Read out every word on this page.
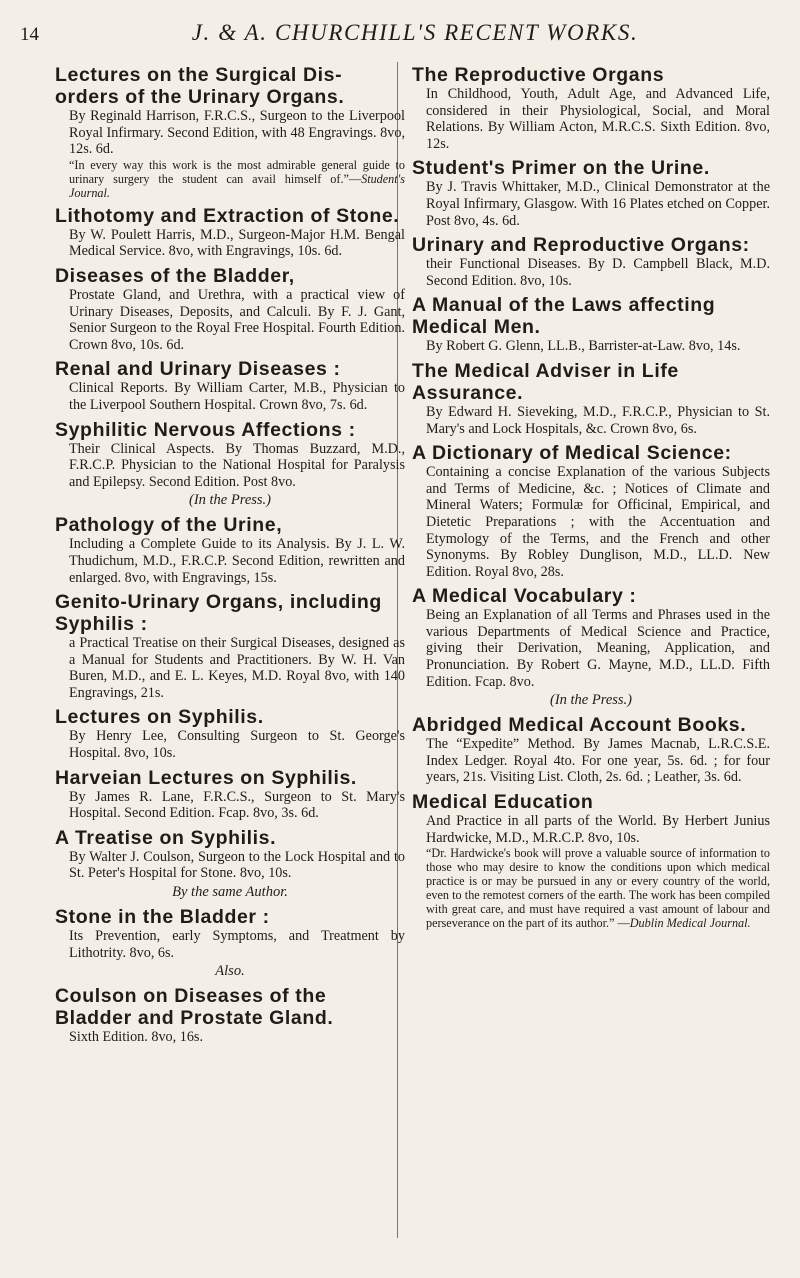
14	J. & A. CHURCHILL'S RECENT WORKS.

Lectures on the Surgical Dis-orders of the Urinary Organs.

By Reginald Harrison, F.R.C.S., Surgeon to the Liverpool Royal Infirmary. Second Edition, with 48 Engravings. 8vo, 12s. 6d.

“In every way this work is the most admirable general guide to urinary surgery the student can avail himself of.”—Student's Journal.

Lithotomy and Extraction of Stone.

By W. Poulett Harris, M.D., Surgeon-Major H.M. Bengal Medical Service. 8vo, with Engravings, 10s. 6d.

Diseases of the Bladder,

Prostate Gland, and Urethra, with a practical view of Urinary Diseases, Deposits, and Calculi. By F. J. Gant, Senior Surgeon to the Royal Free Hospital. Fourth Edition. Crown 8vo, 10s. 6d.

Renal and Urinary Diseases :

Clinical Reports. By William Carter, M.B., Physician to the Liverpool Southern Hospital. Crown 8vo, 7s. 6d.

Syphilitic Nervous Affections :

Their Clinical Aspects. By Thomas Buzzard, M.D., F.R.C.P. Physician to the National Hospital for Paralysis and Epilepsy. Second Edition. Post 8vo.

(In the Press.)

Pathology of the Urine,

Including a Complete Guide to its Analysis. By J. L. W. Thudichum, M.D., F.R.C.P. Second Edition, rewritten and enlarged. 8vo, with Engravings, 15s.

Genito-Urinary Organs, including Syphilis :

a Practical Treatise on their Surgical Diseases, designed as a Manual for Students and Practitioners. By W. H. Van Buren, M.D., and E. L. Keyes, M.D. Royal 8vo, with 140 Engravings, 21s.

Lectures on Syphilis.

By Henry Lee, Consulting Surgeon to St. George's Hospital. 8vo, 10s.

Harveian Lectures on Syphilis.

By James R. Lane, F.R.C.S., Surgeon to St. Mary's Hospital. Second Edition. Fcap. 8vo, 3s. 6d.

A Treatise on Syphilis.

By Walter J. Coulson, Surgeon to the Lock Hospital and to St. Peter's Hospital for Stone. 8vo, 10s.

By the same Author.

Stone in the Bladder :

Its Prevention, early Symptoms, and Treatment by Lithotrity. 8vo, 6s.

Also.

Coulson on Diseases of the Bladder and Prostate Gland.

Sixth Edition. 8vo, 16s.

The Reproductive Organs

In Childhood, Youth, Adult Age, and Advanced Life, considered in their Physiological, Social, and Moral Relations. By William Acton, M.R.C.S. Sixth Edition. 8vo, 12s.

Student's Primer on the Urine.

By J. Travis Whittaker, M.D., Clinical Demonstrator at the Royal Infirmary, Glasgow. With 16 Plates etched on Copper. Post 8vo, 4s. 6d.

Urinary and Reproductive Organs:

their Functional Diseases. By D. Campbell Black, M.D. Second Edition. 8vo, 10s.

A Manual of the Laws affecting Medical Men.

By Robert G. Glenn, LL.B., Barrister-at-Law. 8vo, 14s.

The Medical Adviser in Life Assurance.

By Edward H. Sieveking, M.D., F.R.C.P., Physician to St. Mary's and Lock Hospitals, &c. Crown 8vo, 6s.

A Dictionary of Medical Science:

Containing a concise Explanation of the various Subjects and Terms of Medicine, &c. ; Notices of Climate and Mineral Waters; Formulæ for Officinal, Empirical, and Dietetic Preparations ; with the Accentuation and Etymology of the Terms, and the French and other Synonyms. By Robley Dunglison, M.D., LL.D. New Edition. Royal 8vo, 28s.

A Medical Vocabulary :

Being an Explanation of all Terms and Phrases used in the various Departments of Medical Science and Practice, giving their Derivation, Meaning, Application, and Pronunciation. By Robert G. Mayne, M.D., LL.D. Fifth Edition. Fcap. 8vo.

(In the Press.)

Abridged Medical Account Books.

The “Expedite” Method. By James Macnab, L.R.C.S.E. Index Ledger. Royal 4to. For one year, 5s. 6d. ; for four years, 21s. Visiting List. Cloth, 2s. 6d. ; Leather, 3s. 6d.

Medical Education

And Practice in all parts of the World. By Herbert Junius Hardwicke, M.D., M.R.C.P. 8vo, 10s.

“Dr. Hardwicke's book will prove a valuable source of information to those who may desire to know the conditions upon which medical practice is or may be pursued in any or every country of the world, even to the remotest corners of the earth. The work has been compiled with great care, and must have required a vast amount of labour and perseverance on the part of its author.” —Dublin Medical Journal.
